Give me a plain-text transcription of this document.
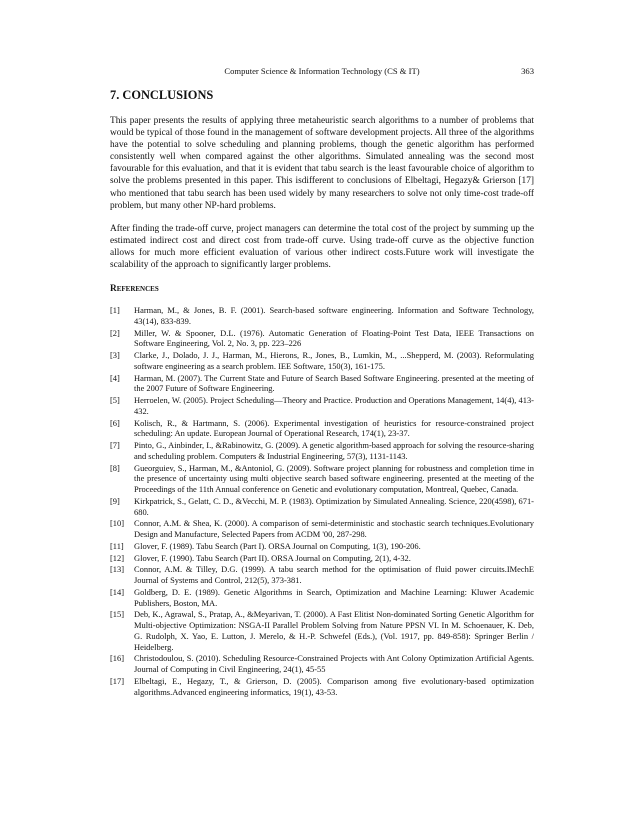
Computer Science & Information Technology (CS & IT)	363
7. CONCLUSIONS

This paper presents the results of applying three metaheuristic search algorithms to a number of problems that would be typical of those found in the management of software development projects. All three of the algorithms have the potential to solve scheduling and planning problems, though the genetic algorithm has performed consistently well when compared against the other algorithms. Simulated annealing was the second most favourable for this evaluation, and that it is evident that tabu search is the least favourable choice of algorithm to solve the problems presented in this paper. This isdifferent to conclusions of Elbeltagi, Hegazy& Grierson [17] who mentioned that tabu search has been used widely by many researchers to solve not only time-cost trade-off problem, but many other NP-hard problems.

After finding the trade-off curve, project managers can determine the total cost of the project by summing up the estimated indirect cost and direct cost from trade-off curve. Using trade-off curve as the objective function allows for much more efficient evaluation of various other indirect costs.Future work will investigate the scalability of the approach to significantly larger problems.

References
[1] Harman, M., & Jones, B. F. (2001). Search-based software engineering. Information and Software Technology, 43(14), 833-839.
[2] Miller, W. & Spooner, D.L. (1976). Automatic Generation of Floating-Point Test Data, IEEE Transactions on Software Engineering, Vol. 2, No. 3, pp. 223–226
[3] Clarke, J., Dolado, J. J., Harman, M., Hierons, R., Jones, B., Lumkin, M., ...Shepperd, M. (2003). Reformulating software engineering as a search problem. IEE Software, 150(3), 161-175.
[4] Harman, M. (2007). The Current State and Future of Search Based Software Engineering. presented at the meeting of the 2007 Future of Software Engineering.
[5] Herroelen, W. (2005). Project Scheduling—Theory and Practice. Production and Operations Management, 14(4), 413-432.
[6] Kolisch, R., & Hartmann, S. (2006). Experimental investigation of heuristics for resource-constrained project scheduling: An update. European Journal of Operational Research, 174(1), 23-37.
[7] Pinto, G., Ainbinder, I., &Rabinowitz, G. (2009). A genetic algorithm-based approach for solving the resource-sharing and scheduling problem. Computers & Industrial Engineering, 57(3), 1131-1143.
[8] Gueorguiev, S., Harman, M., &Antoniol, G. (2009). Software project planning for robustness and completion time in the presence of uncertainty using multi objective search based software engineering. presented at the meeting of the Proceedings of the 11th Annual conference on Genetic and evolutionary computation, Montreal, Quebec, Canada.
[9] Kirkpatrick, S., Gelatt, C. D., &Vecchi, M. P. (1983). Optimization by Simulated Annealing. Science, 220(4598), 671-680.
[10] Connor, A.M. & Shea, K. (2000). A comparison of semi-deterministic and stochastic search techniques.Evolutionary Design and Manufacture, Selected Papers from ACDM '00, 287-298.
[11] Glover, F. (1989). Tabu Search (Part I). ORSA Journal on Computing, 1(3), 190-206.
[12] Glover, F. (1990). Tabu Search (Part II). ORSA Journal on Computing, 2(1), 4-32.
[13] Connor, A.M. & Tilley, D.G. (1999). A tabu search method for the optimisation of fluid power circuits.IMechE Journal of Systems and Control, 212(5), 373-381.
[14] Goldberg, D. E. (1989). Genetic Algorithms in Search, Optimization and Machine Learning: Kluwer Academic Publishers, Boston, MA.
[15] Deb, K., Agrawal, S., Pratap, A., &Meyarivan, T. (2000). A Fast Elitist Non-dominated Sorting Genetic Algorithm for Multi-objective Optimization: NSGA-II Parallel Problem Solving from Nature PPSN VI. In M. Schoenauer, K. Deb, G. Rudolph, X. Yao, E. Lutton, J. Merelo, & H.-P. Schwefel (Eds.), (Vol. 1917, pp. 849-858): Springer Berlin / Heidelberg.
[16] Christodoulou, S. (2010). Scheduling Resource-Constrained Projects with Ant Colony Optimization Artificial Agents. Journal of Computing in Civil Engineering, 24(1), 45-55
[17] Elbeltagi, E., Hegazy, T., & Grierson, D. (2005). Comparison among five evolutionary-based optimization algorithms.Advanced engineering informatics, 19(1), 43-53.
